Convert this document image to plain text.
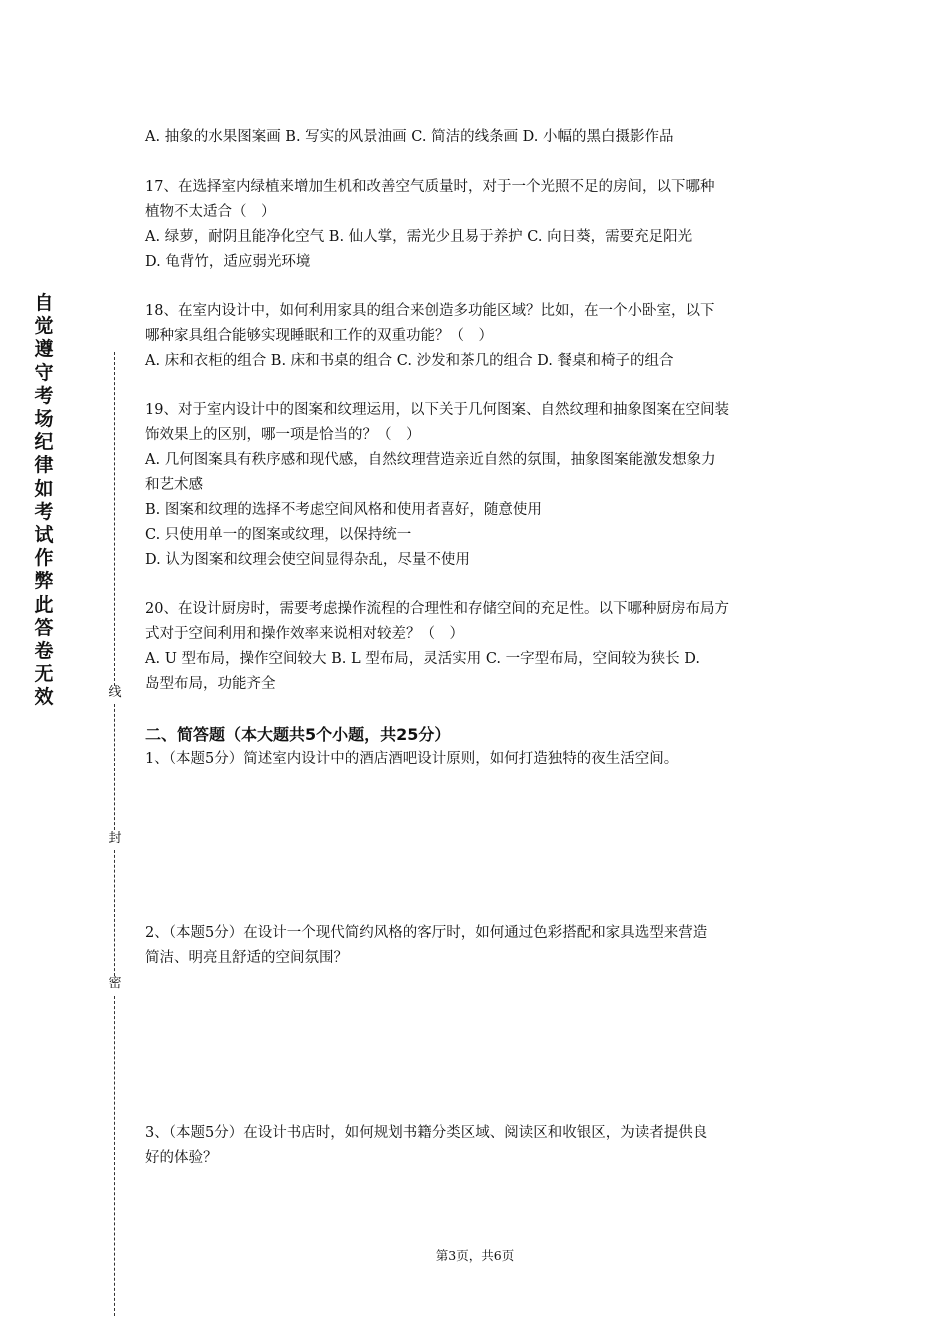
自觉遵守考场纪律如考试作弊此答卷无效	线
封
密
A. 抽象的水果图案画 B. 写实的风景油画 C. 简洁的线条画 D. 小幅的黑白摄影作品
17、在选择室内绿植来增加生机和改善空气质量时，对于一个光照不足的房间，以下哪种
植物不太适合（　）
A. 绿萝，耐阴且能净化空气 B. 仙人掌，需光少且易于养护 C. 向日葵，需要充足阳光
D. 龟背竹，适应弱光环境
18、在室内设计中，如何利用家具的组合来创造多功能区域？比如，在一个小卧室，以下
哪种家具组合能够实现睡眠和工作的双重功能？（　）
A. 床和衣柜的组合 B. 床和书桌的组合 C. 沙发和茶几的组合 D. 餐桌和椅子的组合
19、对于室内设计中的图案和纹理运用，以下关于几何图案、自然纹理和抽象图案在空间装
饰效果上的区别，哪一项是恰当的？（　）
A. 几何图案具有秩序感和现代感，自然纹理营造亲近自然的氛围，抽象图案能激发想象力
和艺术感
B. 图案和纹理的选择不考虑空间风格和使用者喜好，随意使用
C. 只使用单一的图案或纹理，以保持统一
D. 认为图案和纹理会使空间显得杂乱，尽量不使用
20、在设计厨房时，需要考虑操作流程的合理性和存储空间的充足性。以下哪种厨房布局方
式对于空间利用和操作效率来说相对较差？（　）
A. U 型布局，操作空间较大 B. L 型布局，灵活实用 C. 一字型布局，空间较为狭长 D.
岛型布局，功能齐全
二、简答题（本大题共5个小题，共25分）
1、（本题5分）简述室内设计中的酒店酒吧设计原则，如何打造独特的夜生活空间。
2、（本题5分）在设计一个现代简约风格的客厅时，如何通过色彩搭配和家具选型来营造
简洁、明亮且舒适的空间氛围？
3、（本题5分）在设计书店时，如何规划书籍分类区域、阅读区和收银区，为读者提供良
好的体验？
第3页，共6页
